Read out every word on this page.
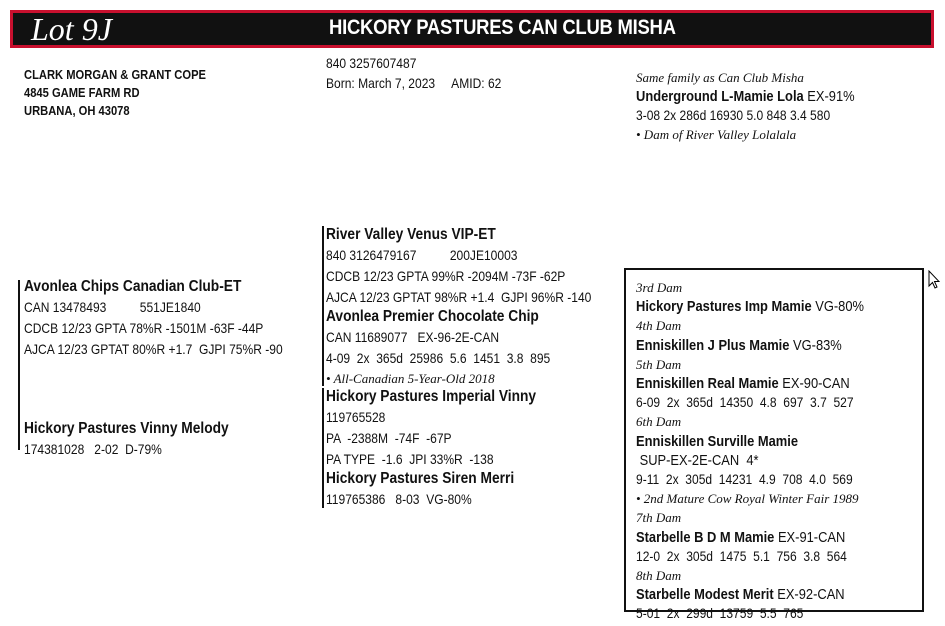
Lot 9J	HICKORY PASTURES CAN CLUB MISHA
CLARK MORGAN & GRANT COPE
4845 GAME FARM RD
URBANA, OH 43078
840 3257607487
Born: March 7, 2023 AMID: 62	Same family as Can Club Misha
Underground L-Mamie Lola EX-91%
3-08 2x 286d 16930 5.0 848 3.4 580
• Dam of River Valley Lolalala
River Valley Venus VIP-ET
840 3126479167          200JE10003
CDCB 12/23 GPTA 99%R -2094M -73F -62P
AJCA 12/23 GPTAT 98%R +1.4  GJPI 96%R -140
Avonlea Chips Canadian Club-ET
CAN 13478493          551JE1840
CDCB 12/23 GPTA 78%R -1501M -63F -44P
AJCA 12/23 GPTAT 80%R +1.7  GJPI 75%R -90
Avonlea Premier Chocolate Chip
CAN 11689077   EX-96-2E-CAN
4-09  2x  365d  25986  5.6  1451  3.8  895

• All-Canadian 5-Year-Old 2018
Hickory Pastures Imperial Vinny
119765528
PA  -2388M  -74F  -67P
PA TYPE  -1.6  JPI 33%R  -138
Hickory Pastures Vinny Melody
174381028   2-02  D-79%
Hickory Pastures Siren Merri
119765386   8-03  VG-80%
3rd Dam
Hickory Pastures Imp Mamie VG-80%

4th Dam
Enniskillen J Plus Mamie VG-83%

5th Dam
Enniskillen Real Mamie EX-90-CAN
6-09  2x  365d  14350  4.8  697  3.7  527

6th Dam
Enniskillen Surville Mamie SUP-EX-2E-CAN  4*
9-11  2x  305d  14231  4.9  708  4.0  569

• 2nd Mature Cow Royal Winter Fair 1989
7th Dam
Starbelle B D M Mamie EX-91-CAN
12-0  2x  305d  1475  5.1  756  3.8  564

8th Dam
Starbelle Modest Merit EX-92-CAN
5-01  2x  299d  13759  5.5  765
